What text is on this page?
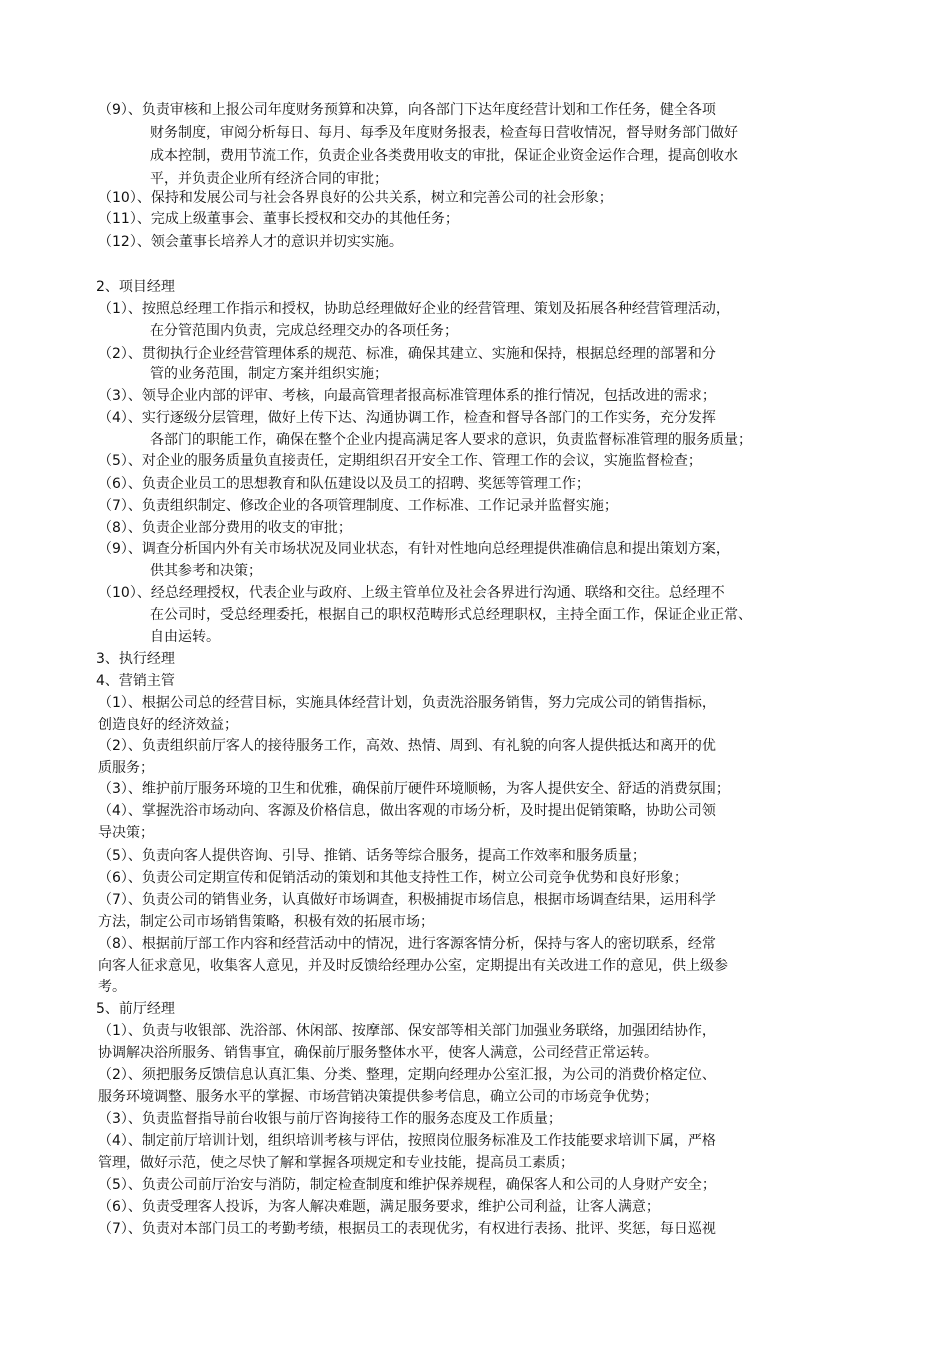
（9）、负责审核和上报公司年度财务预算和决算，向各部门下达年度经营计划和工作任务，健全各项
财务制度，审阅分析每日、每月、每季及年度财务报表，检查每日营收情况，督导财务部门做好
成本控制，费用节流工作，负责企业各类费用收支的审批，保证企业资金运作合理，提高创收水
平，并负责企业所有经济合同的审批；
（10）、保持和发展公司与社会各界良好的公共关系，树立和完善公司的社会形象；
（11）、完成上级董事会、董事长授权和交办的其他任务；
（12）、领会董事长培养人才的意识并切实实施。
2、项目经理
（1）、按照总经理工作指示和授权，协助总经理做好企业的经营管理、策划及拓展各种经营管理活动，
在分管范围内负责，完成总经理交办的各项任务；
（2）、贯彻执行企业经营管理体系的规范、标准，确保其建立、实施和保持，根据总经理的部署和分
管的业务范围，制定方案并组织实施；
（3）、领导企业内部的评审、考核，向最高管理者报高标准管理体系的推行情况，包括改进的需求；
（4）、实行逐级分层管理，做好上传下达、沟通协调工作，检查和督导各部门的工作实务，充分发挥
各部门的职能工作，确保在整个企业内提高满足客人要求的意识，负责监督标准管理的服务质量；
（5）、对企业的服务质量负直接责任，定期组织召开安全工作、管理工作的会议，实施监督检查；
（6）、负责企业员工的思想教育和队伍建设以及员工的招聘、奖惩等管理工作；
（7）、负责组织制定、修改企业的各项管理制度、工作标准、工作记录并监督实施；
（8）、负责企业部分费用的收支的审批；
（9）、调查分析国内外有关市场状况及同业状态，有针对性地向总经理提供准确信息和提出策划方案，
供其参考和决策；
（10）、经总经理授权，代表企业与政府、上级主管单位及社会各界进行沟通、联络和交往。总经理不
在公司时，受总经理委托，根据自己的职权范畴形式总经理职权，主持全面工作，保证企业正常、
自由运转。
3、执行经理
4、营销主管
（1）、根据公司总的经营目标，实施具体经营计划，负责洗浴服务销售，努力完成公司的销售指标，
创造良好的经济效益；
（2）、负责组织前厅客人的接待服务工作，高效、热情、周到、有礼貌的向客人提供抵达和离开的优
质服务；
（3）、维护前厅服务环境的卫生和优雅，确保前厅硬件环境顺畅，为客人提供安全、舒适的消费氛围；
（4）、掌握洗浴市场动向、客源及价格信息，做出客观的市场分析，及时提出促销策略，协助公司领
导决策；
（5）、负责向客人提供咨询、引导、推销、话务等综合服务，提高工作效率和服务质量；
（6）、负责公司定期宣传和促销活动的策划和其他支持性工作，树立公司竞争优势和良好形象；
（7）、负责公司的销售业务，认真做好市场调查，积极捕捉市场信息，根据市场调查结果，运用科学
方法，制定公司市场销售策略，积极有效的拓展市场；
（8）、根据前厅部工作内容和经营活动中的情况，进行客源客情分析，保持与客人的密切联系，经常
向客人征求意见，收集客人意见，并及时反馈给经理办公室，定期提出有关改进工作的意见，供上级参
考。
5、前厅经理
（1）、负责与收银部、洗浴部、休闲部、按摩部、保安部等相关部门加强业务联络，加强团结协作，
协调解决浴所服务、销售事宜，确保前厅服务整体水平，使客人满意，公司经营正常运转。
（2）、须把服务反馈信息认真汇集、分类、整理，定期向经理办公室汇报，为公司的消费价格定位、
服务环境调整、服务水平的掌握、市场营销决策提供参考信息，确立公司的市场竞争优势；
（3）、负责监督指导前台收银与前厅咨询接待工作的服务态度及工作质量；
（4）、制定前厅培训计划，组织培训考核与评估，按照岗位服务标准及工作技能要求培训下属，严格
管理，做好示范，使之尽快了解和掌握各项规定和专业技能，提高员工素质；
（5）、负责公司前厅治安与消防，制定检查制度和维护保养规程，确保客人和公司的人身财产安全；
（6）、负责受理客人投诉，为客人解决难题，满足服务要求，维护公司利益，让客人满意；
（7）、负责对本部门员工的考勤考绩，根据员工的表现优劣，有权进行表扬、批评、奖惩，每日巡视
